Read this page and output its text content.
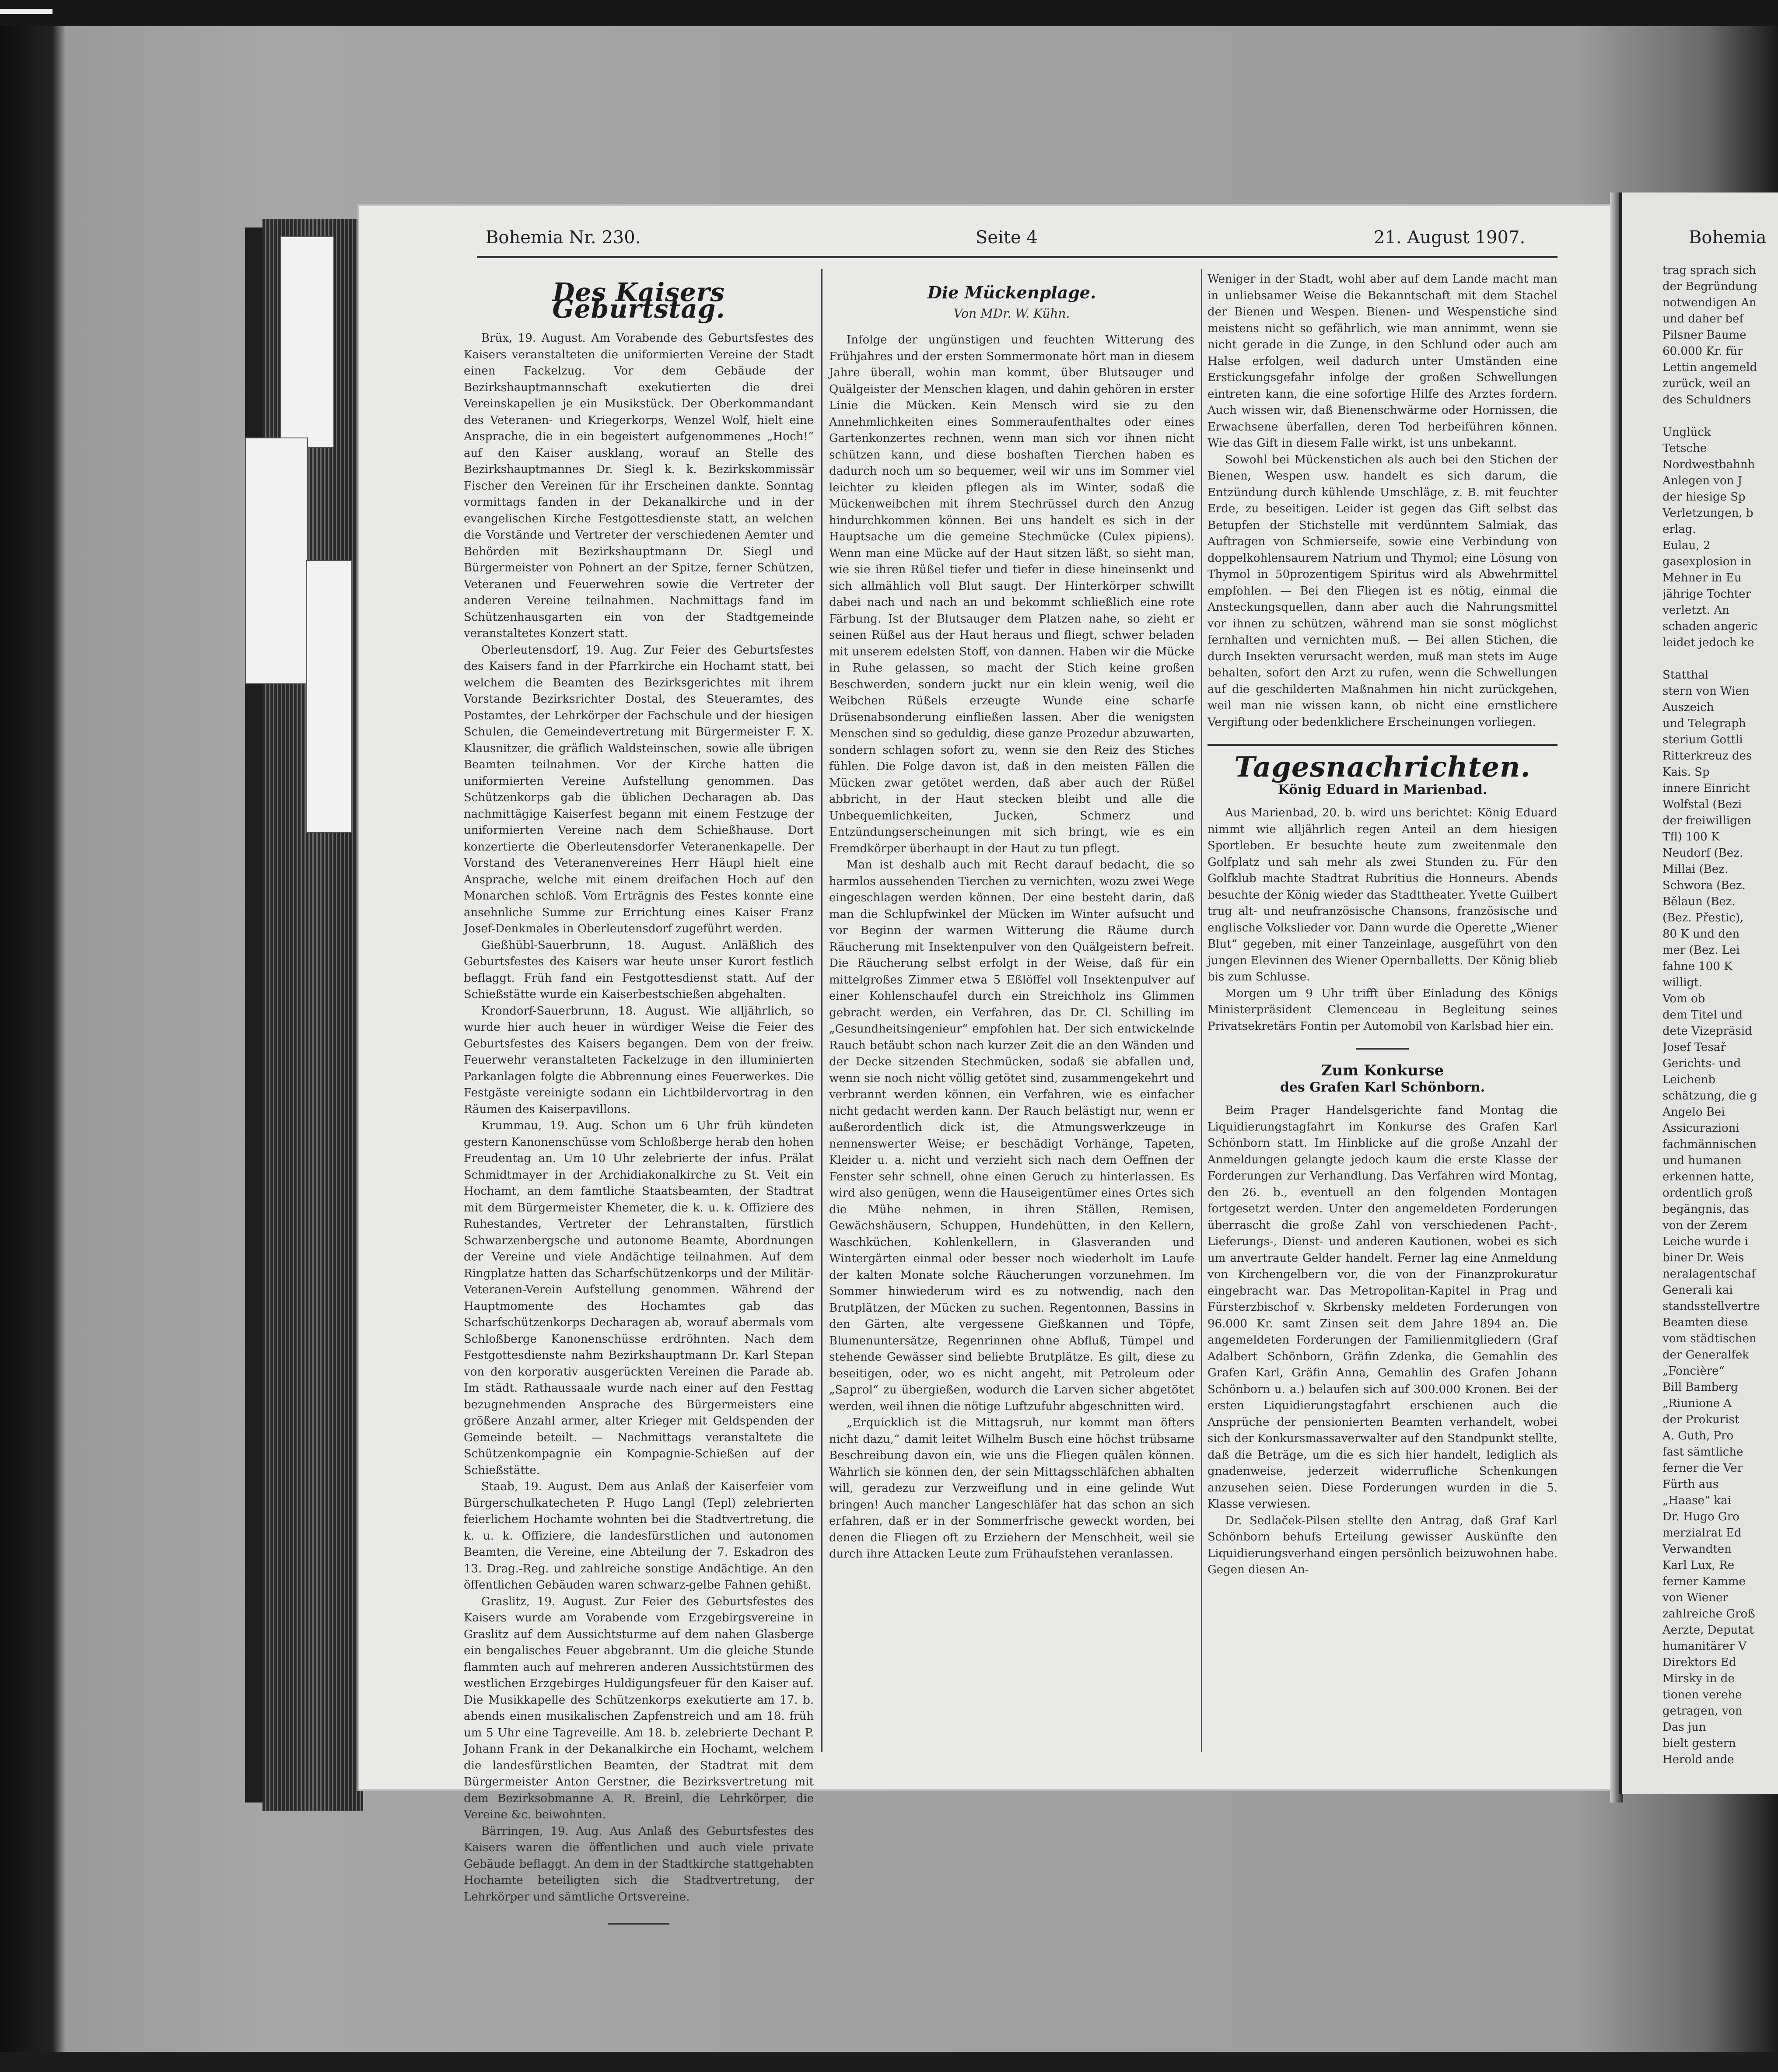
Bohemia Nr. 230.	Seite 4	21. August 1907.	Bohemia
Des Kaisers Geburtstag.

Brüx, 19. August. Am Vorabende des Geburtsfestes des Kaisers veranstalteten die uniformierten Vereine der Stadt einen Fackelzug. Vor dem Gebäude der Bezirkshauptmannschaft exekutierten die drei Vereinskapellen je ein Musikstück. Der Oberkommandant des Veteranen- und Kriegerkorps, Wenzel Wolf, hielt eine Ansprache, die in ein begeistert aufgenommenes „Hoch!“ auf den Kaiser ausklang, worauf an Stelle des Bezirkshauptmannes Dr. Siegl k. k. Bezirkskommissär Fischer den Vereinen für ihr Erscheinen dankte. Sonntag vormittags fanden in der Dekanalkirche und in der evangelischen Kirche Festgottesdienste statt, an welchen die Vorstände und Vertreter der verschiedenen Aemter und Behörden mit Bezirkshauptmann Dr. Siegl und Bürgermeister von Pohnert an der Spitze, ferner Schützen, Veteranen und Feuerwehren sowie die Vertreter der anderen Vereine teilnahmen. Nachmittags fand im Schützenhausgarten ein von der Stadtgemeinde veranstaltetes Konzert statt.

Oberleutensdorf, 19. Aug. Zur Feier des Geburtsfestes des Kaisers fand in der Pfarrkirche ein Hochamt statt, bei welchem die Beamten des Bezirksgerichtes mit ihrem Vorstande Bezirksrichter Dostal, des Steueramtes, des Postamtes, der Lehrkörper der Fachschule und der hiesigen Schulen, die Gemeindevertretung mit Bürgermeister F. X. Klausnitzer, die gräflich Waldsteinschen, sowie alle übrigen Beamten teilnahmen. Vor der Kirche hatten die uniformierten Vereine Aufstellung genommen. Das Schützenkorps gab die üblichen Decharagen ab. Das nachmittägige Kaiserfest begann mit einem Festzuge der uniformierten Vereine nach dem Schießhause. Dort konzertierte die Oberleutensdorfer Veteranenkapelle. Der Vorstand des Veteranenvereines Herr Häupl hielt eine Ansprache, welche mit einem dreifachen Hoch auf den Monarchen schloß. Vom Erträgnis des Festes konnte eine ansehnliche Summe zur Errichtung eines Kaiser Franz Josef-Denkmales in Oberleutensdorf zugeführt werden.

Gießhübl-Sauerbrunn, 18. August. Anläßlich des Geburtsfestes des Kaisers war heute unser Kurort festlich beflaggt. Früh fand ein Festgottesdienst statt. Auf der Schießstätte wurde ein Kaiserbestschießen abgehalten.

Krondorf-Sauerbrunn, 18. August. Wie alljährlich, so wurde hier auch heuer in würdiger Weise die Feier des Geburtsfestes des Kaisers begangen. Dem von der freiw. Feuerwehr veranstalteten Fackelzuge in den illuminierten Parkanlagen folgte die Abbrennung eines Feuerwerkes. Die Festgäste vereinigte sodann ein Lichtbildervortrag in den Räumen des Kaiserpavillons.

Krummau, 19. Aug. Schon um 6 Uhr früh kündeten gestern Kanonenschüsse vom Schloßberge herab den hohen Freudentag an. Um 10 Uhr zelebrierte der infus. Prälat Schmidtmayer in der Archidiakonalkirche zu St. Veit ein Hochamt, an dem famtliche Staatsbeamten, der Stadtrat mit dem Bürgermeister Khemeter, die k. u. k. Offiziere des Ruhestandes, Vertreter der Lehranstalten, fürstlich Schwarzenbergsche und autonome Beamte, Abordnungen der Vereine und viele Andächtige teilnahmen. Auf dem Ringplatze hatten das Scharfschützenkorps und der Militär-Veteranen-Verein Aufstellung genommen. Während der Hauptmomente des Hochamtes gab das Scharfschützenkorps Decharagen ab, worauf abermals vom Schloßberge Kanonenschüsse erdröhnten. Nach dem Festgottesdienste nahm Bezirkshauptmann Dr. Karl Stepan von den korporativ ausgerückten Vereinen die Parade ab. Im städt. Rathaussaale wurde nach einer auf den Festtag bezugnehmenden Ansprache des Bürgermeisters eine größere Anzahl armer, alter Krieger mit Geldspenden der Gemeinde beteilt. — Nachmittags veranstaltete die Schützenkompagnie ein Kompagnie-Schießen auf der Schießstätte.

Staab, 19. August. Dem aus Anlaß der Kaiserfeier vom Bürgerschulkatecheten P. Hugo Langl (Tepl) zelebrierten feierlichem Hochamte wohnten bei die Stadtvertretung, die k. u. k. Offiziere, die landesfürstlichen und autonomen Beamten, die Vereine, eine Abteilung der 7. Eskadron des 13. Drag.-Reg. und zahlreiche sonstige Andächtige. An den öffentlichen Gebäuden waren schwarz-gelbe Fahnen gehißt.

Graslitz, 19. August. Zur Feier des Geburtsfestes des Kaisers wurde am Vorabende vom Erzgebirgsvereine in Graslitz auf dem Aussichtsturme auf dem nahen Glasberge ein bengalisches Feuer abgebrannt. Um die gleiche Stunde flammten auch auf mehreren anderen Aussichtstürmen des westlichen Erzgebirges Huldigungsfeuer für den Kaiser auf. Die Musikkapelle des Schützenkorps exekutierte am 17. b. abends einen musikalischen Zapfenstreich und am 18. früh um 5 Uhr eine Tagreveille. Am 18. b. zelebrierte Dechant P. Johann Frank in der Dekanalkirche ein Hochamt, welchem die landesfürstlichen Beamten, der Stadtrat mit dem Bürgermeister Anton Gerstner, die Bezirksvertretung mit dem Bezirksobmanne A. R. Breinl, die Lehrkörper, die Vereine &c. beiwohnten.

Bärringen, 19. Aug. Aus Anlaß des Geburtsfestes des Kaisers waren die öffentlichen und auch viele private Gebäude beflaggt. An dem in der Stadtkirche stattgehabten Hochamte beteiligten sich die Stadtvertretung, der Lehrkörper und sämtliche Ortsvereine.

Die Mückenplage.
Von MDr. W. Kühn.

Infolge der ungünstigen und feuchten Witterung des Frühjahres und der ersten Sommermonate hört man in diesem Jahre überall, wohin man kommt, über Blutsauger und Quälgeister der Menschen klagen, und dahin gehören in erster Linie die Mücken. Kein Mensch wird sie zu den Annehmlichkeiten eines Sommeraufenthaltes oder eines Gartenkonzertes rechnen, wenn man sich vor ihnen nicht schützen kann, und diese boshaften Tierchen haben es dadurch noch um so bequemer, weil wir uns im Sommer viel leichter zu kleiden pflegen als im Winter, sodaß die Mückenweibchen mit ihrem Stechrüssel durch den Anzug hindurchkommen können. Bei uns handelt es sich in der Hauptsache um die gemeine Stechmücke (Culex pipiens). Wenn man eine Mücke auf der Haut sitzen läßt, so sieht man, wie sie ihren Rüßel tiefer und tiefer in diese hineinsenkt und sich allmählich voll Blut saugt. Der Hinterkörper schwillt dabei nach und nach an und bekommt schließlich eine rote Färbung. Ist der Blutsauger dem Platzen nahe, so zieht er seinen Rüßel aus der Haut heraus und fliegt, schwer beladen mit unserem edelsten Stoff, von dannen. Haben wir die Mücke in Ruhe gelassen, so macht der Stich keine großen Beschwerden, sondern juckt nur ein klein wenig, weil die Weibchen Rüßels erzeugte Wunde eine scharfe Drüsenabsonderung einfließen lassen. Aber die wenigsten Menschen sind so geduldig, diese ganze Prozedur abzuwarten, sondern schlagen sofort zu, wenn sie den Reiz des Stiches fühlen. Die Folge davon ist, daß in den meisten Fällen die Mücken zwar getötet werden, daß aber auch der Rüßel abbricht, in der Haut stecken bleibt und alle die Unbequemlichkeiten, Jucken, Schmerz und Entzündungserscheinungen mit sich bringt, wie es ein Fremdkörper überhaupt in der Haut zu tun pflegt.

Man ist deshalb auch mit Recht darauf bedacht, die so harmlos aussehenden Tierchen zu vernichten, wozu zwei Wege eingeschlagen werden können. Der eine besteht darin, daß man die Schlupfwinkel der Mücken im Winter aufsucht und vor Beginn der warmen Witterung die Räume durch Räucherung mit Insektenpulver von den Quälgeistern befreit. Die Räucherung selbst erfolgt in der Weise, daß für ein mittelgroßes Zimmer etwa 5 Eßlöffel voll Insektenpulver auf einer Kohlenschaufel durch ein Streichholz ins Glimmen gebracht werden, ein Verfahren, das Dr. Cl. Schilling im „Gesundheitsingenieur“ empfohlen hat. Der sich entwickelnde Rauch betäubt schon nach kurzer Zeit die an den Wänden und der Decke sitzenden Stechmücken, sodaß sie abfallen und, wenn sie noch nicht völlig getötet sind, zusammengekehrt und verbrannt werden können, ein Verfahren, wie es einfacher nicht gedacht werden kann. Der Rauch belästigt nur, wenn er außerordentlich dick ist, die Atmungswerkzeuge in nennenswerter Weise; er beschädigt Vorhänge, Tapeten, Kleider u. a. nicht und verzieht sich nach dem Oeffnen der Fenster sehr schnell, ohne einen Geruch zu hinterlassen. Es wird also genügen, wenn die Hauseigentümer eines Ortes sich die Mühe nehmen, in ihren Ställen, Remisen, Gewächshäusern, Schuppen, Hundehütten, in den Kellern, Waschküchen, Kohlenkellern, in Glasveranden und Wintergärten einmal oder besser noch wiederholt im Laufe der kalten Monate solche Räucherungen vorzunehmen. Im Sommer hinwiederum wird es zu notwendig, nach den Brutplätzen, der Mücken zu suchen. Regentonnen, Bassins in den Gärten, alte vergessene Gießkannen und Töpfe, Blumenuntersätze, Regenrinnen ohne Abfluß, Tümpel und stehende Gewässer sind beliebte Brutplätze. Es gilt, diese zu beseitigen, oder, wo es nicht angeht, mit Petroleum oder „Saprol“ zu übergießen, wodurch die Larven sicher abgetötet werden, weil ihnen die nötige Luftzufuhr abgeschnitten wird.

„Erquicklich ist die Mittagsruh, nur kommt man öfters nicht dazu,“ damit leitet Wilhelm Busch eine höchst trübsame Beschreibung davon ein, wie uns die Fliegen quälen können. Wahrlich sie können den, der sein Mittagsschläfchen abhalten will, geradezu zur Verzweiflung und in eine gelinde Wut bringen! Auch mancher Langeschläfer hat das schon an sich erfahren, daß er in der Sommerfrische geweckt worden, bei denen die Fliegen oft zu Erziehern der Menschheit, weil sie durch ihre Attacken Leute zum Frühaufstehen veranlassen.

Weniger in der Stadt, wohl aber auf dem Lande macht man in unliebsamer Weise die Bekanntschaft mit dem Stachel der Bienen und Wespen. Bienen- und Wespenstiche sind meistens nicht so gefährlich, wie man annimmt, wenn sie nicht gerade in die Zunge, in den Schlund oder auch am Halse erfolgen, weil dadurch unter Umständen eine Erstickungsgefahr infolge der großen Schwellungen eintreten kann, die eine sofortige Hilfe des Arztes fordern. Auch wissen wir, daß Bienenschwärme oder Hornissen, die Erwachsene überfallen, deren Tod herbeiführen können. Wie das Gift in diesem Falle wirkt, ist uns unbekannt.

Sowohl bei Mückenstichen als auch bei den Stichen der Bienen, Wespen usw. handelt es sich darum, die Entzündung durch kühlende Umschläge, z. B. mit feuchter Erde, zu beseitigen. Leider ist gegen das Gift selbst das Betupfen der Stichstelle mit verdünntem Salmiak, das Auftragen von Schmierseife, sowie eine Verbindung von doppelkohlensaurem Natrium und Thymol; eine Lösung von Thymol in 50prozentigem Spiritus wird als Abwehrmittel empfohlen. — Bei den Fliegen ist es nötig, einmal die Ansteckungsquellen, dann aber auch die Nahrungsmittel vor ihnen zu schützen, während man sie sonst möglichst fernhalten und vernichten muß. — Bei allen Stichen, die durch Insekten verursacht werden, muß man stets im Auge behalten, sofort den Arzt zu rufen, wenn die Schwellungen auf die geschilderten Maßnahmen hin nicht zurückgehen, weil man nie wissen kann, ob nicht eine ernstlichere Vergiftung oder bedenklichere Erscheinungen vorliegen.

Tagesnachrichten.
König Eduard in Marienbad.

Aus Marienbad, 20. b. wird uns berichtet: König Eduard nimmt wie alljährlich regen Anteil an dem hiesigen Sportleben. Er besuchte heute zum zweitenmale den Golfplatz und sah mehr als zwei Stunden zu. Für den Golfklub machte Stadtrat Rubritius die Honneurs. Abends besuchte der König wieder das Stadttheater. Yvette Guilbert trug alt- und neufranzösische Chansons, französische und englische Volkslieder vor. Dann wurde die Operette „Wiener Blut“ gegeben, mit einer Tanzeinlage, ausgeführt von den jungen Elevinnen des Wiener Opernballetts. Der König blieb bis zum Schlusse.

Morgen um 9 Uhr trifft über Einladung des Königs Ministerpräsident Clemenceau in Begleitung seines Privatsekretärs Fontin per Automobil von Karlsbad hier ein.

Zum Konkurse
des Grafen Karl Schönborn.

Beim Prager Handelsgerichte fand Montag die Liquidierungstagfahrt im Konkurse des Grafen Karl Schönborn statt. Im Hinblicke auf die große Anzahl der Anmeldungen gelangte jedoch kaum die erste Klasse der Forderungen zur Verhandlung. Das Verfahren wird Montag, den 26. b., eventuell an den folgenden Montagen fortgesetzt werden. Unter den angemeldeten Forderungen überrascht die große Zahl von verschiedenen Pacht-, Lieferungs-, Dienst- und anderen Kautionen, wobei es sich um anvertraute Gelder handelt. Ferner lag eine Anmeldung von Kirchengelbern vor, die von der Finanzprokuratur eingebracht war. Das Metropolitan-Kapitel in Prag und Fürsterzbischof v. Skrbensky meldeten Forderungen von 96.000 Kr. samt Zinsen seit dem Jahre 1894 an. Die angemeldeten Forderungen der Familienmitgliedern (Graf Adalbert Schönborn, Gräfin Zdenka, die Gemahlin des Grafen Karl, Gräfin Anna, Gemahlin des Grafen Johann Schönborn u. a.) belaufen sich auf 300.000 Kronen. Bei der ersten Liquidierungstagfahrt erschienen auch die Ansprüche der pensionierten Beamten verhandelt, wobei sich der Konkursmassaverwalter auf den Standpunkt stellte, daß die Beträge, um die es sich hier handelt, lediglich als gnadenweise, jederzeit widerrufliche Schenkungen anzusehen seien. Diese Forderungen wurden in die 5. Klasse verwiesen.

Dr. Sedlaček-Pilsen stellte den Antrag, daß Graf Karl Schönborn behufs Erteilung gewisser Auskünfte den Liquidierungsverhand eingen persönlich beizuwohnen habe. Gegen diesen An-

trag sprach sich

der Begründung

notwendigen An

und daher bef

Pilsner Baume

60.000 Kr. für

Lettin angemeld

zurück, weil an

des Schuldners

Unglück

Tetsche

Nordwestbahnh

Anlegen von J

der hiesige Sp

Verletzungen, b

erlag.

Eulau, 2

gasexplosion in

Mehner in Eu

jährige Tochter

verletzt. An

schaden angeric

leidet jedoch ke

Statthal

stern von Wien

Auszeich

und Telegraph

sterium Gottli

Ritterkreuz des

Kais. Sp

innere Einricht

Wolfstal (Bezi

der freiwilligen

Tfl) 100 K

Neudorf (Bez.

Millai (Bez.

Schwora (Bez.

Bělaun (Bez.

(Bez. Přestic),

80 K und den

mer (Bez. Lei

fahne 100 K

willigt.

Vom ob

dem Titel und

dete Vizepräsid

Josef Tesař

Gerichts- und

Leichenb

schätzung, die g

Angelo Bei

Assicurazioni

fachmännischen

und humanen

erkennen hatte,

ordentlich groß

begängnis, das

von der Zerem

Leiche wurde i

biner Dr. Weis

neralagentschaf

Generali kai

standsstellvertre

Beamten diese

vom städtischen

der Generalfek

„Foncière“

Bill Bamberg

„Riunione A

der Prokurist

A. Guth, Pro

fast sämtliche

ferner die Ver

Fürth aus

„Haase“ kai

Dr. Hugo Gro

merzialrat Ed

Verwandten

Karl Lux, Re

ferner Kamme

von Wiener

zahlreiche Groß

Aerzte, Deputat

humanitärer V

Direktors Ed

Mirsky in de

tionen verehe

getragen, von

Das jun

bielt gestern

Herold ande
